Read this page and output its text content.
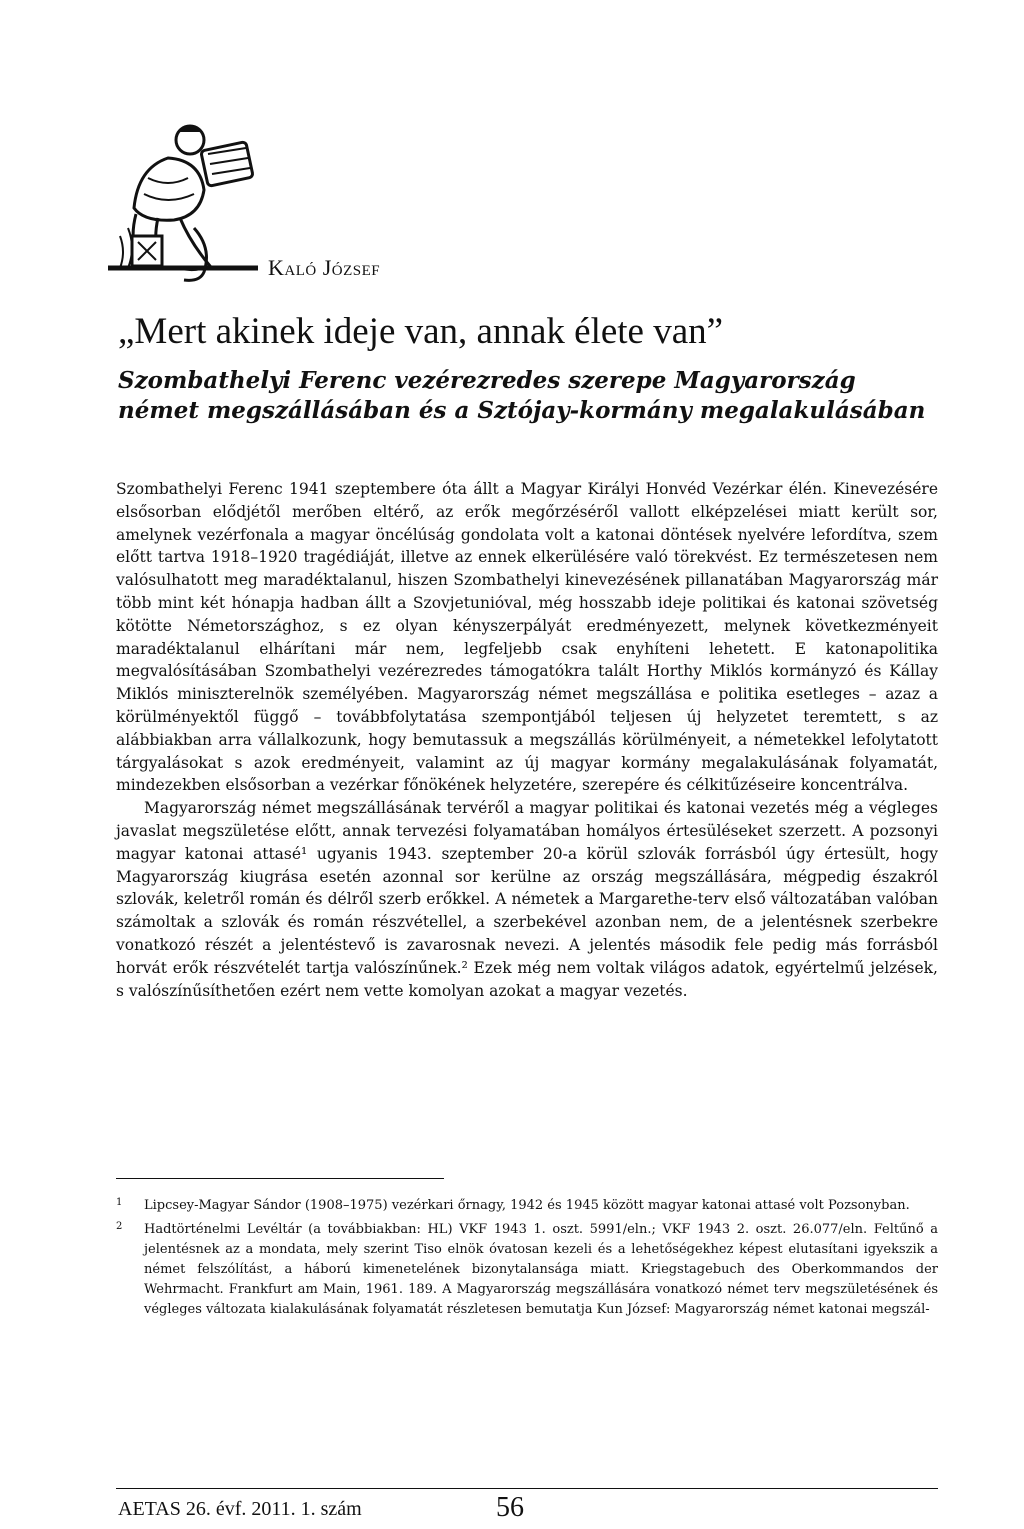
Kaló József
„Mert akinek ideje van, annak élete van”
Szombathelyi Ferenc vezérezredes szerepe Magyarország
német megszállásában és a Sztójay-kormány megalakulásában

Szombathelyi Ferenc 1941 szeptembere óta állt a Magyar Királyi Honvéd Vezérkar élén. Kinevezésére elsősorban elődjétől merőben eltérő, az erők megőrzéséről vallott elképzelései miatt került sor, amelynek vezérfonala a magyar öncélúság gondolata volt a katonai döntések nyelvére lefordítva, szem előtt tartva 1918–1920 tragédiáját, illetve az ennek elkerülésére való törekvést. Ez természetesen nem valósulhatott meg maradéktalanul, hiszen Szombathelyi kinevezésének pillanatában Magyarország már több mint két hónapja hadban állt a Szovjetunióval, még hosszabb ideje politikai és katonai szövetség kötötte Németországhoz, s ez olyan kényszerpályát eredményezett, melynek következményeit maradéktalanul elhárítani már nem, legfeljebb csak enyhíteni lehetett. E katonapolitika megvalósításában Szombathelyi vezérezredes támogatókra talált Horthy Miklós kormányzó és Kállay Miklós miniszterelnök személyében. Magyarország német megszállása e politika esetleges – azaz a körülményektől függő – továbbfolytatása szempontjából teljesen új helyzetet teremtett, s az alábbiakban arra vállalkozunk, hogy bemutassuk a megszállás körülményeit, a németekkel lefolytatott tárgyalásokat s azok eredményeit, valamint az új magyar kormány megalakulásának folyamatát, mindezekben elsősorban a vezérkar főnökének helyzetére, szerepére és célkitűzéseire koncentrálva.

Magyarország német megszállásának tervéről a magyar politikai és katonai vezetés még a végleges javaslat megszületése előtt, annak tervezési folyamatában homályos értesüléseket szerzett. A pozsonyi magyar katonai attasé¹ ugyanis 1943. szeptember 20-a körül szlovák forrásból úgy értesült, hogy Magyarország kiugrása esetén azonnal sor kerülne az ország megszállására, mégpedig északról szlovák, keletről román és délről szerb erőkkel. A németek a Margarethe-terv első változatában valóban számoltak a szlovák és román részvétellel, a szerbekével azonban nem, de a jelentésnek szerbekre vonatkozó részét a jelentéstevő is zavarosnak nevezi. A jelentés második fele pedig más forrásból horvát erők részvételét tartja valószínűnek.² Ezek még nem voltak világos adatok, egyértelmű jelzések, s valószínűsíthetően ezért nem vette komolyan azokat a magyar vezetés.

1	Lipcsey-Magyar Sándor (1908–1975) vezérkari őrnagy, 1942 és 1945 között magyar katonai attasé volt Pozsonyban.
2	Hadtörténelmi Levéltár (a továbbiakban: HL) VKF 1943 1. oszt. 5991/eln.; VKF 1943 2. oszt. 26.077/eln. Feltűnő a jelentésnek az a mondata, mely szerint Tiso elnök óvatosan kezeli és a lehetőségekhez képest elutasítani igyekszik a német felszólítást, a háború kimenetelének bizonytalansága miatt. Kriegstagebuch des Oberkommandos der Wehrmacht. Frankfurt am Main, 1961. 189. A Magyarország megszállására vonatkozó német terv megszületésének és végleges változata kialakulásának folyamatát részletesen bemutatja Kun József: Magyarország német katonai megszál-
AETAS 26. évf. 2011. 1. szám	56
